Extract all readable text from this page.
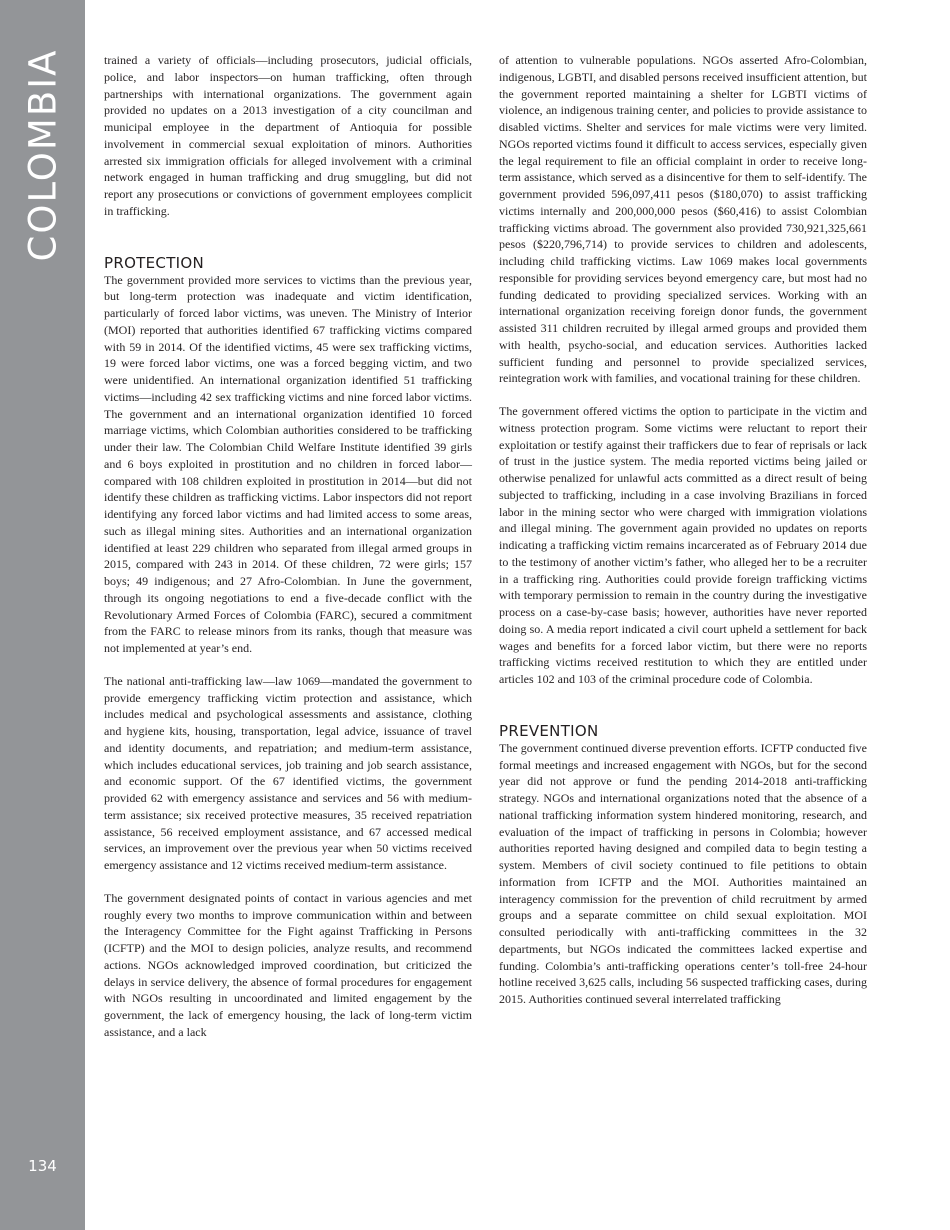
COLOMBIA
134

trained a variety of officials—including prosecutors, judicial officials, police, and labor inspectors—on human trafficking, often through partnerships with international organizations. The government again provided no updates on a 2013 investigation of a city councilman and municipal employee in the department of Antioquia for possible involvement in commercial sexual exploitation of minors. Authorities arrested six immigration officials for alleged involvement with a criminal network engaged in human trafficking and drug smuggling, but did not report any prosecutions or convictions of government employees complicit in trafficking.

PROTECTION

The government provided more services to victims than the previous year, but long-term protection was inadequate and victim identification, particularly of forced labor victims, was uneven. The Ministry of Interior (MOI) reported that authorities identified 67 trafficking victims compared with 59 in 2014. Of the identified victims, 45 were sex trafficking victims, 19 were forced labor victims, one was a forced begging victim, and two were unidentified. An international organization identified 51 trafficking victims—including 42 sex trafficking victims and nine forced labor victims. The government and an international organization identified 10 forced marriage victims, which Colombian authorities considered to be trafficking under their law. The Colombian Child Welfare Institute identified 39 girls and 6 boys exploited in prostitution and no children in forced labor—compared with 108 children exploited in prostitution in 2014—but did not identify these children as trafficking victims. Labor inspectors did not report identifying any forced labor victims and had limited access to some areas, such as illegal mining sites. Authorities and an international organization identified at least 229 children who separated from illegal armed groups in 2015, compared with 243 in 2014. Of these children, 72 were girls; 157 boys; 49 indigenous; and 27 Afro-Colombian. In June the government, through its ongoing negotiations to end a five-decade conflict with the Revolutionary Armed Forces of Colombia (FARC), secured a commitment from the FARC to release minors from its ranks, though that measure was not implemented at year’s end.

The national anti-trafficking law—law 1069—mandated the government to provide emergency trafficking victim protection and assistance, which includes medical and psychological assessments and assistance, clothing and hygiene kits, housing, transportation, legal advice, issuance of travel and identity documents, and repatriation; and medium-term assistance, which includes educational services, job training and job search assistance, and economic support. Of the 67 identified victims, the government provided 62 with emergency assistance and services and 56 with medium-term assistance; six received protective measures, 35 received repatriation assistance, 56 received employment assistance, and 67 accessed medical services, an improvement over the previous year when 50 victims received emergency assistance and 12 victims received medium-term assistance.

The government designated points of contact in various agencies and met roughly every two months to improve communication within and between the Interagency Committee for the Fight against Trafficking in Persons (ICFTP) and the MOI to design policies, analyze results, and recommend actions. NGOs acknowledged improved coordination, but criticized the delays in service delivery, the absence of formal procedures for engagement with NGOs resulting in uncoordinated and limited engagement by the government, the lack of emergency housing, the lack of long-term victim assistance, and a lack

of attention to vulnerable populations. NGOs asserted Afro-Colombian, indigenous, LGBTI, and disabled persons received insufficient attention, but the government reported maintaining a shelter for LGBTI victims of violence, an indigenous training center, and policies to provide assistance to disabled victims. Shelter and services for male victims were very limited. NGOs reported victims found it difficult to access services, especially given the legal requirement to file an official complaint in order to receive long-term assistance, which served as a disincentive for them to self-identify. The government provided 596,097,411 pesos ($180,070) to assist trafficking victims internally and 200,000,000 pesos ($60,416) to assist Colombian trafficking victims abroad. The government also provided 730,921,325,661 pesos ($220,796,714) to provide services to children and adolescents, including child trafficking victims. Law 1069 makes local governments responsible for providing services beyond emergency care, but most had no funding dedicated to providing specialized services. Working with an international organization receiving foreign donor funds, the government assisted 311 children recruited by illegal armed groups and provided them with health, psycho-social, and education services. Authorities lacked sufficient funding and personnel to provide specialized services, reintegration work with families, and vocational training for these children.

The government offered victims the option to participate in the victim and witness protection program. Some victims were reluctant to report their exploitation or testify against their traffickers due to fear of reprisals or lack of trust in the justice system. The media reported victims being jailed or otherwise penalized for unlawful acts committed as a direct result of being subjected to trafficking, including in a case involving Brazilians in forced labor in the mining sector who were charged with immigration violations and illegal mining. The government again provided no updates on reports indicating a trafficking victim remains incarcerated as of February 2014 due to the testimony of another victim’s father, who alleged her to be a recruiter in a trafficking ring. Authorities could provide foreign trafficking victims with temporary permission to remain in the country during the investigative process on a case-by-case basis; however, authorities have never reported doing so. A media report indicated a civil court upheld a settlement for back wages and benefits for a forced labor victim, but there were no reports trafficking victims received restitution to which they are entitled under articles 102 and 103 of the criminal procedure code of Colombia.

PREVENTION

The government continued diverse prevention efforts. ICFTP conducted five formal meetings and increased engagement with NGOs, but for the second year did not approve or fund the pending 2014-2018 anti-trafficking strategy. NGOs and international organizations noted that the absence of a national trafficking information system hindered monitoring, research, and evaluation of the impact of trafficking in persons in Colombia; however authorities reported having designed and compiled data to begin testing a system. Members of civil society continued to file petitions to obtain information from ICFTP and the MOI. Authorities maintained an interagency commission for the prevention of child recruitment by armed groups and a separate committee on child sexual exploitation. MOI consulted periodically with anti-trafficking committees in the 32 departments, but NGOs indicated the committees lacked expertise and funding. Colombia’s anti-trafficking operations center’s toll-free 24-hour hotline received 3,625 calls, including 56 suspected trafficking cases, during 2015. Authorities continued several interrelated trafficking
